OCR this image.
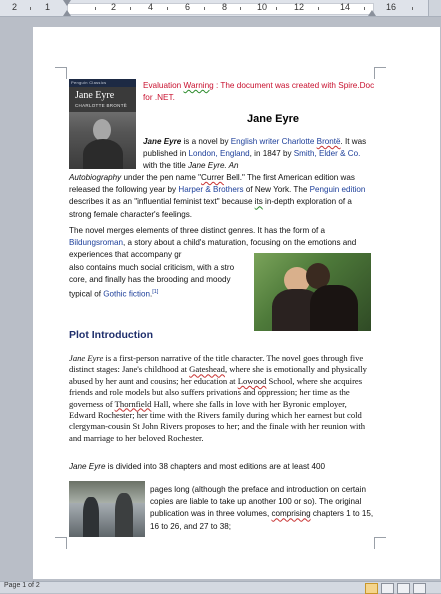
2	1	2	4	6	8	10	12	14	16
Evaluation Warning : The document was created with Spire.Doc for .NET.
Penguin Classics
Jane Eyre
CHARLOTTE BRONTË
Jane Eyre
Jane Eyre is a novel by English writer Charlotte Brontë. It was published in London, England, in 1847 by Smith, Elder & Co. with the title Jane Eyre. An
Autobiography under the pen name "Currer Bell." The first American edition was released the following year by Harper & Brothers of New York. The Penguin edition describes it as an "influential feminist text" because its in-depth exploration of a strong female character's feelings.
The novel merges elements of three distinct genres. It has the form of a Bildungsroman, a story about a child's maturation, focusing on the emotions and experiences that accompany gr
also contains much social criticism, with a stro
core, and finally has the brooding and moody
typical of Gothic fiction.[1]
Plot Introduction
Jane Eyre is a first-person narrative of the title character. The novel goes through five distinct stages: Jane's childhood at Gateshead, where she is emotionally and physically abused by her aunt and cousins; her education at Lowood School, where she acquires friends and role models but also suffers privations and oppression; her time as the governess of Thornfield Hall, where she falls in love with her Byronic employer, Edward Rochester; her time with the Rivers family during which her earnest but cold clergyman-cousin St John Rivers proposes to her; and the finale with her reunion with and marriage to her beloved Rochester.
Jane Eyre is divided into 38 chapters and most editions are at least 400
pages long (although the preface and introduction on certain copies are liable to take up another 100 or so). The original publication was in three volumes, comprising chapters 1 to 15, 16 to 26, and 27 to 38;
Page 1 of 2
